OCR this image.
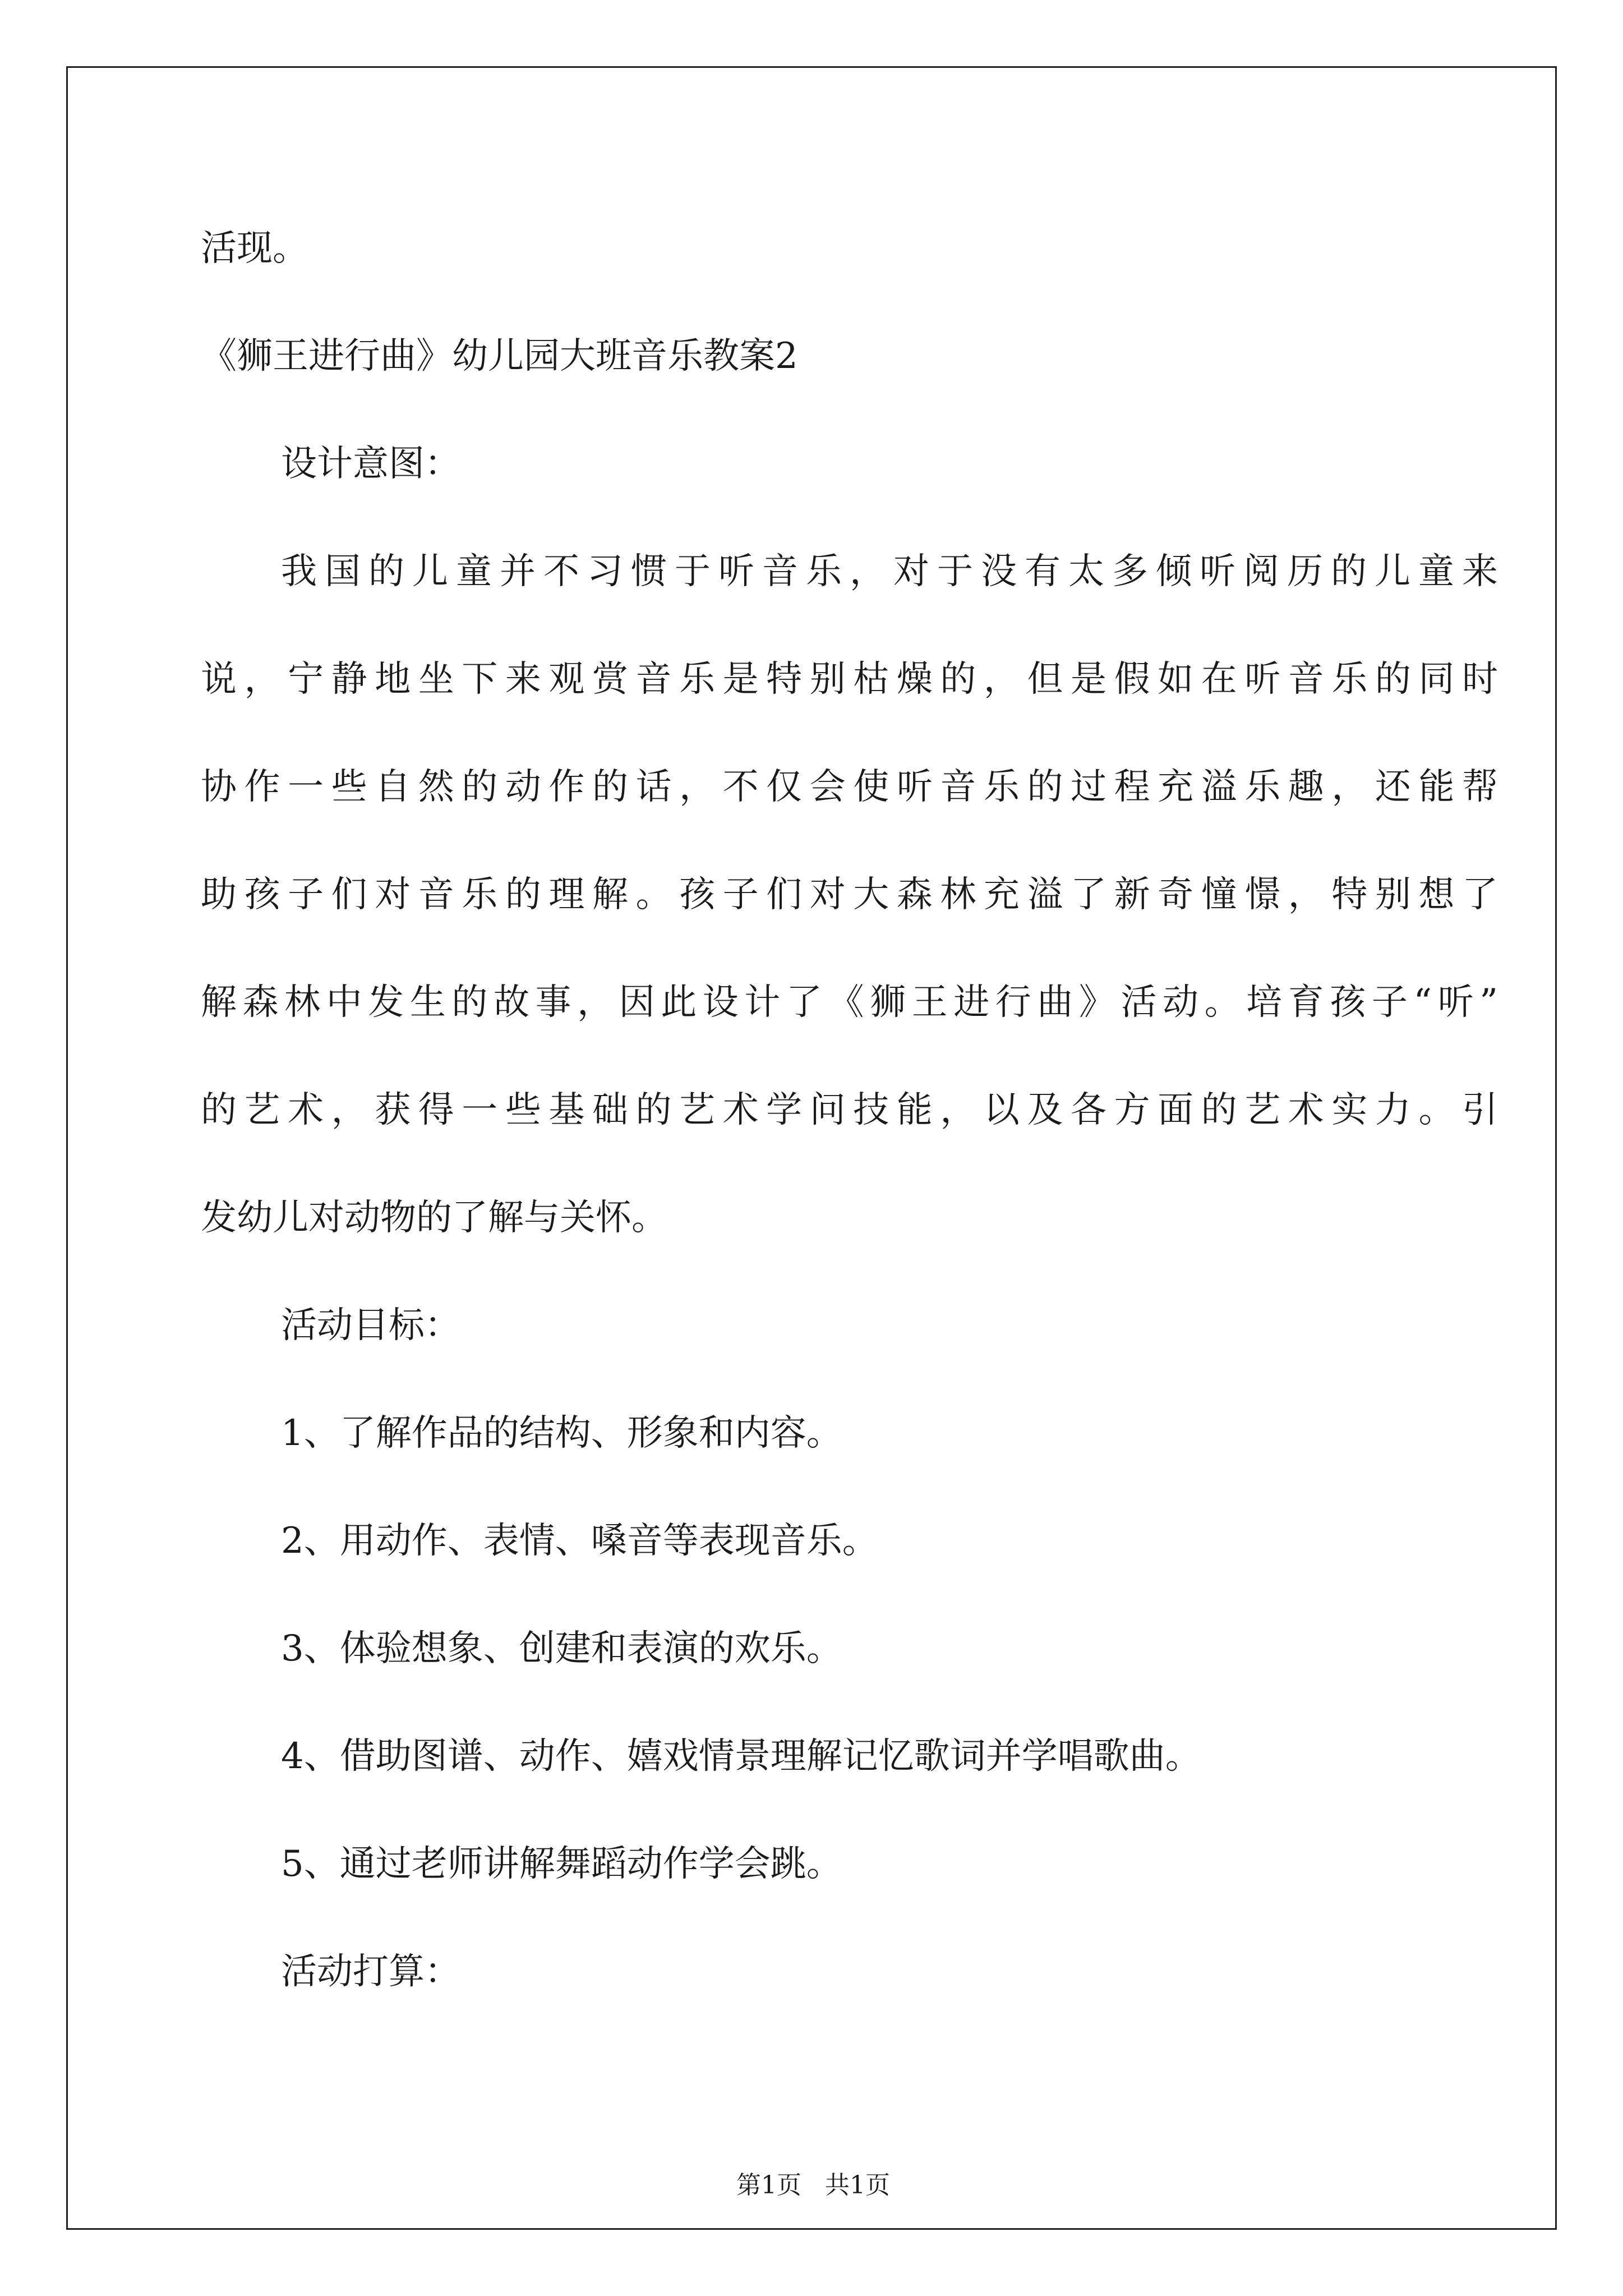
活现。
《狮王进行曲》幼儿园大班音乐教案2
设计意图：
我国的儿童并不习惯于听音乐，对于没有太多倾听阅历的儿童来
说，宁静地坐下来观赏音乐是特别枯燥的，但是假如在听音乐的同时
协作一些自然的动作的话，不仅会使听音乐的过程充溢乐趣，还能帮
助孩子们对音乐的理解。孩子们对大森林充溢了新奇憧憬，特别想了
解森林中发生的故事，因此设计了《狮王进行曲》活动。培育孩子“听”
的艺术，获得一些基础的艺术学问技能，以及各方面的艺术实力。引
发幼儿对动物的了解与关怀。
活动目标：
1、了解作品的结构、形象和内容。
2、用动作、表情、嗓音等表现音乐。
3、体验想象、创建和表演的欢乐。
4、借助图谱、动作、嬉戏情景理解记忆歌词并学唱歌曲。
5、通过老师讲解舞蹈动作学会跳。
活动打算：
第1页   共1页
